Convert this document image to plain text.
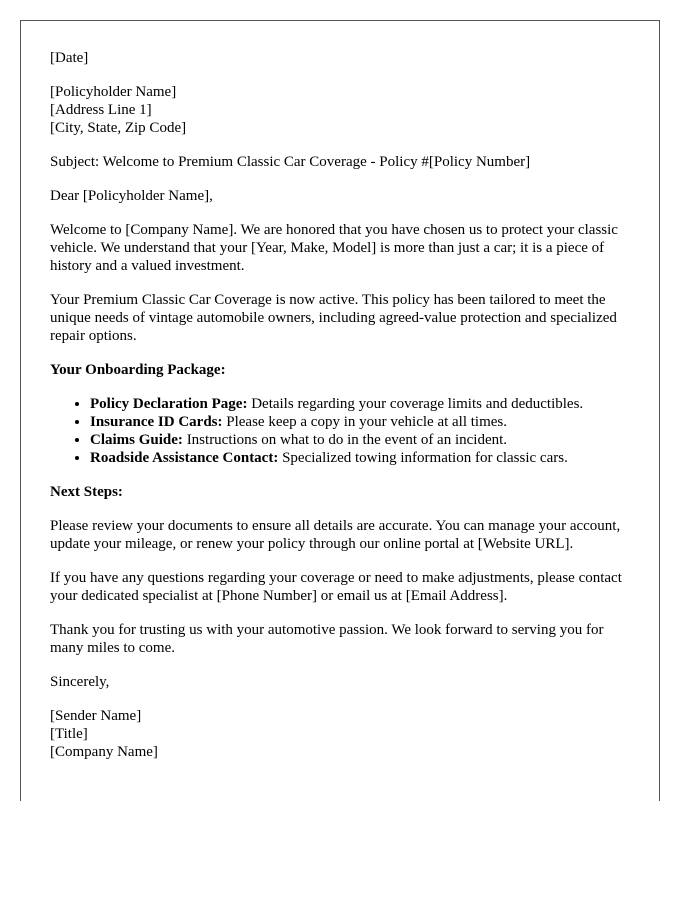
[Date]

[Policyholder Name]
[Address Line 1]
[City, State, Zip Code]

Subject: Welcome to Premium Classic Car Coverage - Policy #[Policy Number]

Dear [Policyholder Name],

Welcome to [Company Name]. We are honored that you have chosen us to protect your classic vehicle. We understand that your [Year, Make, Model] is more than just a car; it is a piece of history and a valued investment.

Your Premium Classic Car Coverage is now active. This policy has been tailored to meet the unique needs of vintage automobile owners, including agreed-value protection and specialized repair options.

Your Onboarding Package:
• Policy Declaration Page: Details regarding your coverage limits and deductibles.
• Insurance ID Cards: Please keep a copy in your vehicle at all times.
• Claims Guide: Instructions on what to do in the event of an incident.
• Roadside Assistance Contact: Specialized towing information for classic cars.
Next Steps:

Please review your documents to ensure all details are accurate. You can manage your account, update your mileage, or renew your policy through our online portal at [Website URL].

If you have any questions regarding your coverage or need to make adjustments, please contact your dedicated specialist at [Phone Number] or email us at [Email Address].

Thank you for trusting us with your automotive passion. We look forward to serving you for many miles to come.

Sincerely,

[Sender Name]
[Title]
[Company Name]
